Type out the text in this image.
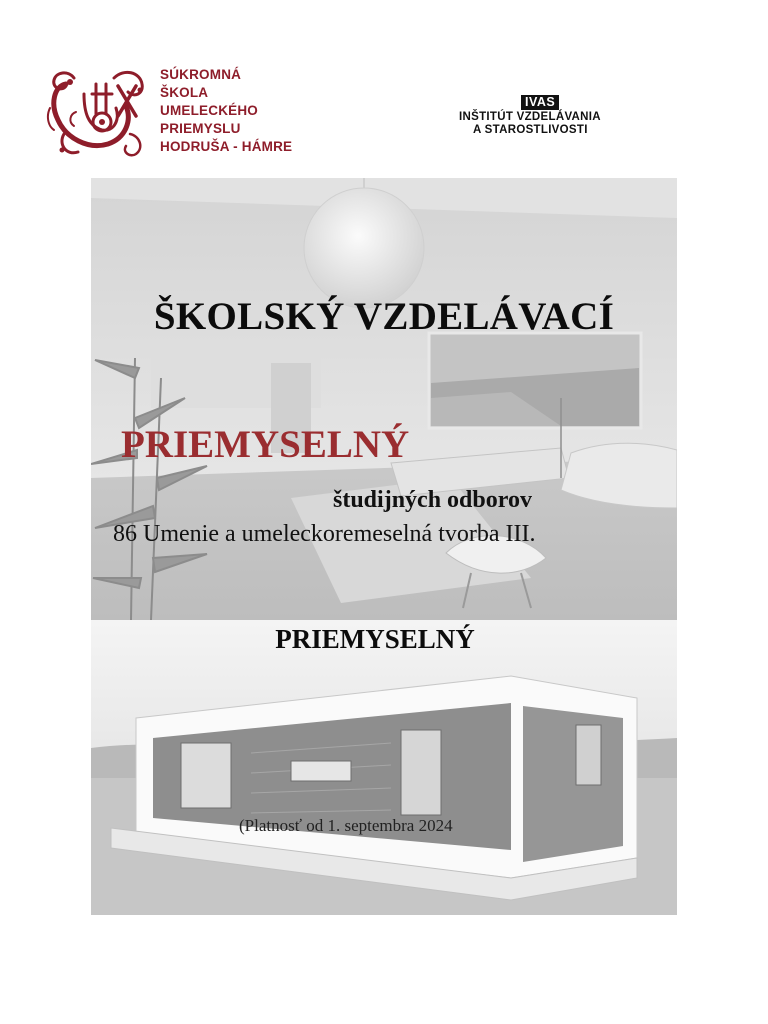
SÚKROMNÁ
ŠKOLA
UMELECKÉHO
PRIEMYSLU
HODRUŠA - HÁMRE
IVAS
INŠTITÚT VZDELÁVANIA
A STAROSTLIVOSTI
ŠKOLSKÝ VZDELÁVACÍ
PRIEMYSELNÝ
študijných odborov
86 Umenie a umeleckoremeselná tvorba III.
PRIEMYSELNÝ
(Platnosť od 1. septembra 2024
